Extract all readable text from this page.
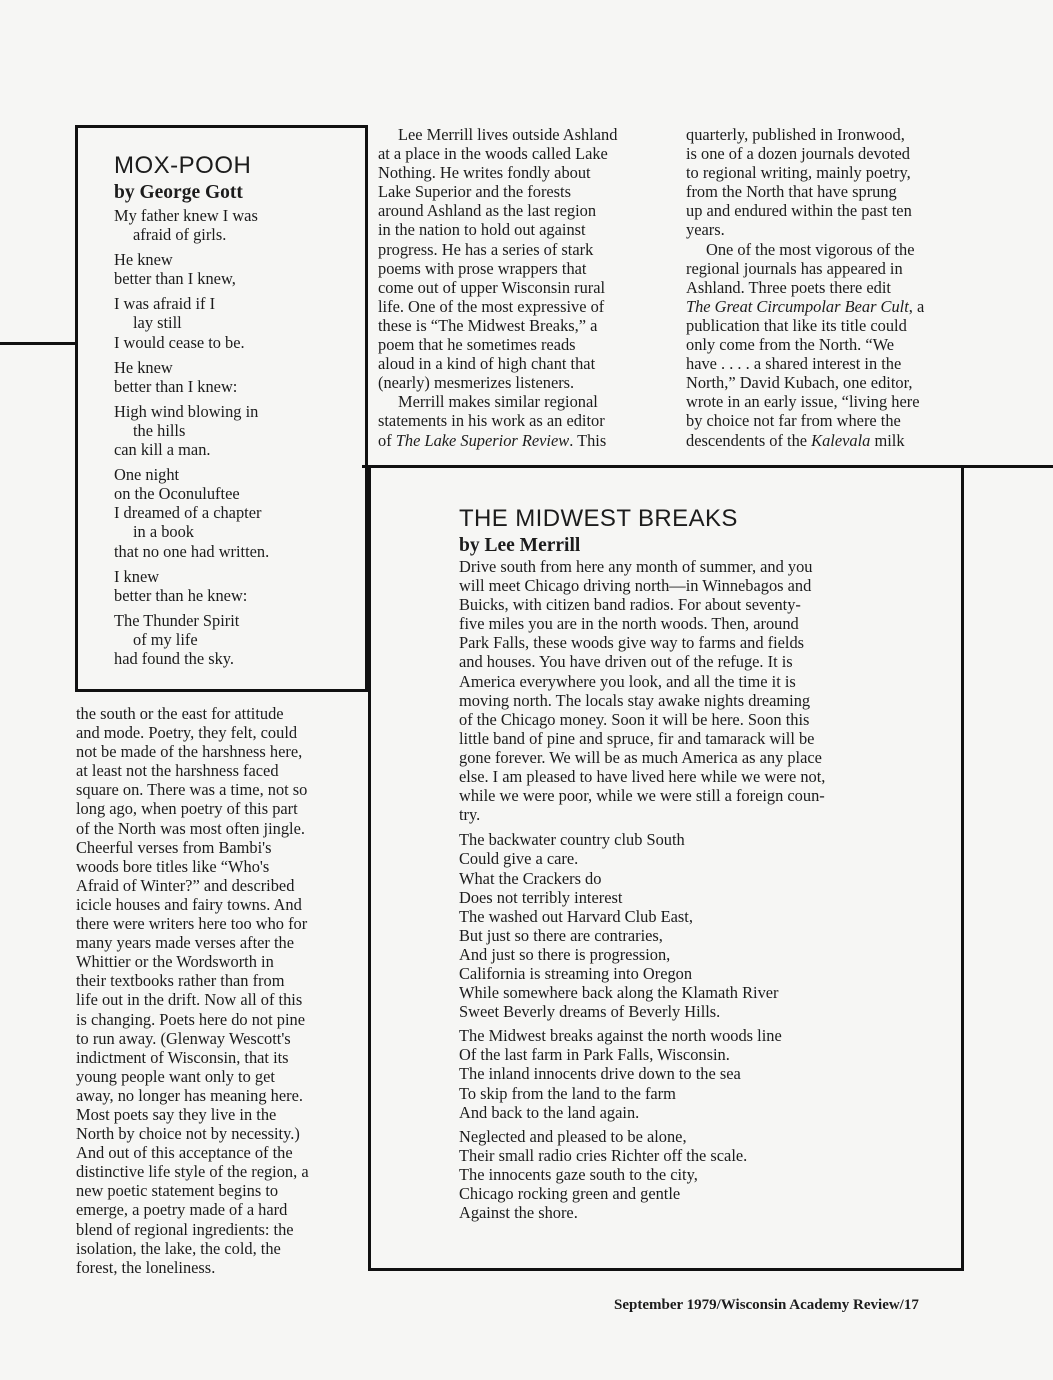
MOX-POOH
by George Gott
My father knew I was
afraid of girls.
He knew
better than I knew,
I was afraid if I
lay still
I would cease to be.
He knew
better than I knew:
High wind blowing in
the hills
can kill a man.
One night
on the Oconuluftee
I dreamed of a chapter
in a book
that no one had written.
I knew
better than he knew:
The Thunder Spirit
of my life
had found the sky.
the south or the east for attitude
and mode. Poetry, they felt, could
not be made of the harshness here,
at least not the harshness faced
square on. There was a time, not so
long ago, when poetry of this part
of the North was most often jingle.
Cheerful verses from Bambi's
woods bore titles like “Who's
Afraid of Winter?” and described
icicle houses and fairy towns. And
there were writers here too who for
many years made verses after the
Whittier or the Wordsworth in
their textbooks rather than from
life out in the drift. Now all of this
is changing. Poets here do not pine
to run away. (Glenway Wescott's
indictment of Wisconsin, that its
young people want only to get
away, no longer has meaning here.
Most poets say they live in the
North by choice not by necessity.)
And out of this acceptance of the
distinctive life style of the region, a
new poetic statement begins to
emerge, a poetry made of a hard
blend of regional ingredients: the
isolation, the lake, the cold, the
forest, the loneliness.
Lee Merrill lives outside Ashland
at a place in the woods called Lake
Nothing. He writes fondly about
Lake Superior and the forests
around Ashland as the last region
in the nation to hold out against
progress. He has a series of stark
poems with prose wrappers that
come out of upper Wisconsin rural
life. One of the most expressive of
these is “The Midwest Breaks,” a
poem that he sometimes reads
aloud in a kind of high chant that
(nearly) mesmerizes listeners.
Merrill makes similar regional
statements in his work as an editor
of The Lake Superior Review. This
quarterly, published in Ironwood,
is one of a dozen journals devoted
to regional writing, mainly poetry,
from the North that have sprung
up and endured within the past ten
years.
One of the most vigorous of the
regional journals has appeared in
Ashland. Three poets there edit
The Great Circumpolar Bear Cult, a
publication that like its title could
only come from the North. “We
have . . . . a shared interest in the
North,” David Kubach, one editor,
wrote in an early issue, “living here
by choice not far from where the
descendents of the Kalevala milk
THE MIDWEST BREAKS
by Lee Merrill
Drive south from here any month of summer, and you
will meet Chicago driving north—in Winnebagos and
Buicks, with citizen band radios. For about seventy-
five miles you are in the north woods. Then, around
Park Falls, these woods give way to farms and fields
and houses. You have driven out of the refuge. It is
America everywhere you look, and all the time it is
moving north. The locals stay awake nights dreaming
of the Chicago money. Soon it will be here. Soon this
little band of pine and spruce, fir and tamarack will be
gone forever. We will be as much America as any place
else. I am pleased to have lived here while we were not,
while we were poor, while we were still a foreign coun-
try.
The backwater country club South
Could give a care.
What the Crackers do
Does not terribly interest
The washed out Harvard Club East,
But just so there are contraries,
And just so there is progression,
California is streaming into Oregon
While somewhere back along the Klamath River
Sweet Beverly dreams of Beverly Hills.
The Midwest breaks against the north woods line
Of the last farm in Park Falls, Wisconsin.
The inland innocents drive down to the sea
To skip from the land to the farm
And back to the land again.
Neglected and pleased to be alone,
Their small radio cries Richter off the scale.
The innocents gaze south to the city,
Chicago rocking green and gentle
Against the shore.
September 1979/Wisconsin Academy Review/17
